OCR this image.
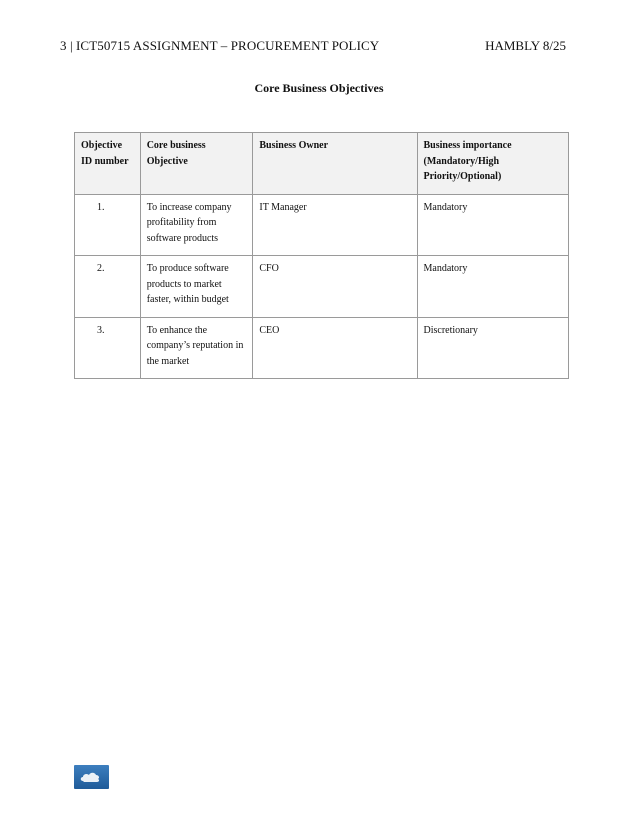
3 | ICT50715 ASSIGNMENT – PROCUREMENT POLICY	HAMBLY 8/25
Core Business Objectives
Objective ID number	Core business Objective	Business Owner	Business importance (Mandatory/High Priority/Optional)
1.	To increase company profitability from software products	IT Manager	Mandatory
2.	To produce software products to market faster, within budget	CFO	Mandatory
3.	To enhance the company’s reputation in the market	CEO	Discretionary
